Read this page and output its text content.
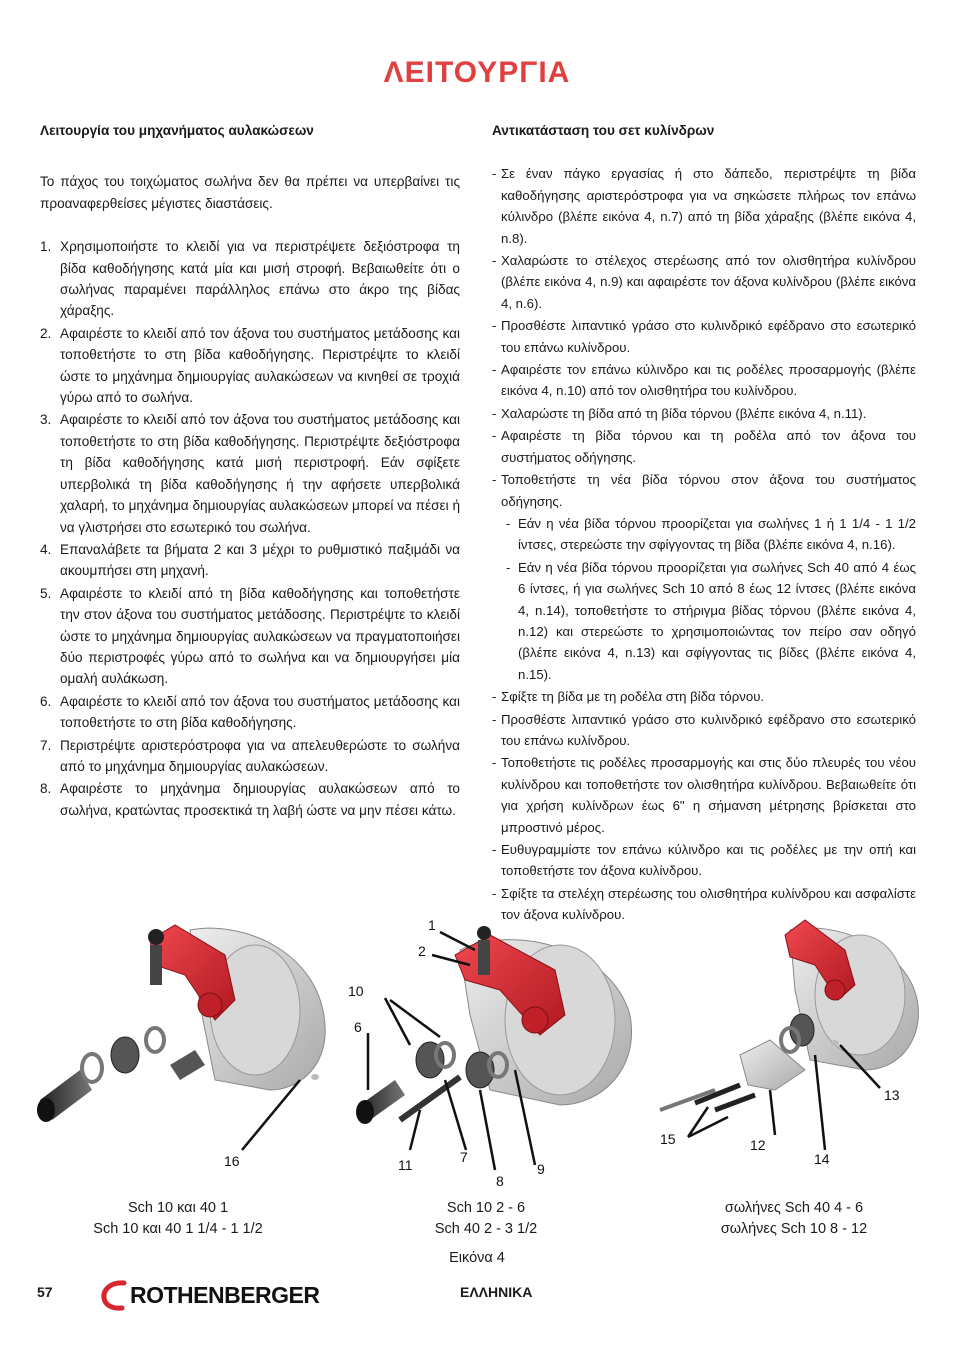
ΛΕΙΤΟΥΡΓΙΑ
Λειτουργία του μηχανήματος αυλακώσεων

Το πάχος του τοιχώματος σωλήνα δεν θα πρέπει να υπερβαίνει τις προαναφερθείσες μέγιστες διαστάσεις.

1. Χρησιμοποιήστε το κλειδί για να περιστρέψετε δεξιόστροφα τη βίδα καθοδήγησης κατά μία και μισή στροφή. Βεβαιωθείτε ότι ο σωλήνας παραμένει παράλληλος επάνω στο άκρο της βίδας χάραξης.
2. Αφαιρέστε το κλειδί από τον άξονα του συστήματος μετάδοσης και τοποθετήστε το στη βίδα καθοδήγησης. Περιστρέψτε το κλειδί ώστε το μηχάνημα δημιουργίας αυλακώσεων να κινηθεί σε τροχιά γύρω από το σωλήνα.
3. Αφαιρέστε το κλειδί από τον άξονα του συστήματος μετάδοσης και τοποθετήστε το στη βίδα καθοδήγησης. Περιστρέψτε δεξιόστροφα τη βίδα καθοδήγησης κατά μισή περιστροφή. Εάν σφίξετε υπερβολικά τη βίδα καθοδήγησης ή την αφήσετε υπερβολικά χαλαρή, το μηχάνημα δημιουργίας αυλακώσεων μπορεί να πέσει ή να γλιστρήσει στο εσωτερικό του σωλήνα.
4. Επαναλάβετε τα βήματα 2 και 3 μέχρι το ρυθμιστικό παξιμάδι να ακουμπήσει στη μηχανή.
5. Αφαιρέστε το κλειδί από τη βίδα καθοδήγησης και τοποθετήστε την στον άξονα του συστήματος μετάδοσης. Περιστρέψτε το κλειδί ώστε το μηχάνημα δημιουργίας αυλακώσεων να πραγματοποιήσει δύο περιστροφές γύρω από το σωλήνα και να δημιουργήσει μία ομαλή αυλάκωση.
6. Αφαιρέστε το κλειδί από τον άξονα του συστήματος μετάδοσης και τοποθετήστε το στη βίδα καθοδήγησης.
7. Περιστρέψτε αριστερόστροφα για να απελευθερώστε το σωλήνα από το μηχάνημα δημιουργίας αυλακώσεων.
8. Αφαιρέστε το μηχάνημα δημιουργίας αυλακώσεων από το σωλήνα, κρατώντας προσεκτικά τη λαβή ώστε να μην πέσει κάτω.
Αντικατάσταση του σετ κυλίνδρων
- Σε έναν πάγκο εργασίας ή στο δάπεδο, περιστρέψτε τη βίδα καθοδήγησης αριστερόστροφα για να σηκώσετε πλήρως τον επάνω κύλινδρο (βλέπε εικόνα 4, n.7) από τη βίδα χάραξης (βλέπε εικόνα 4, n.8).
- Χαλαρώστε το στέλεχος στερέωσης από τον ολισθητήρα κυλίνδρου (βλέπε εικόνα 4, n.9) και αφαιρέστε τον άξονα κυλίνδρου (βλέπε εικόνα 4, n.6).
- Προσθέστε λιπαντικό γράσο στο κυλινδρικό εφέδρανο στο εσωτερικό του επάνω κυλίνδρου.
- Αφαιρέστε τον επάνω κύλινδρο και τις ροδέλες προσαρμογής (βλέπε εικόνα 4, n.10) από τον ολισθητήρα του κυλίνδρου.
- Χαλαρώστε τη βίδα από τη βίδα τόρνου (βλέπε εικόνα 4, n.11).
- Αφαιρέστε τη βίδα τόρνου και τη ροδέλα από τον άξονα του συστήματος οδήγησης.
- Τοποθετήστε τη νέα βίδα τόρνου στον άξονα του συστήματος οδήγησης.
- Εάν η νέα βίδα τόρνου προορίζεται για σωλήνες 1 ή 1 1/4 - 1 1/2 ίντσες, στερεώστε την σφίγγοντας τη βίδα (βλέπε εικόνα 4, n.16).
- Εάν η νέα βίδα τόρνου προορίζεται για σωλήνες Sch 40 από 4 έως 6 ίντσες, ή για σωλήνες Sch 10 από 8 έως 12 ίντσες (βλέπε εικόνα 4, n.14), τοποθετήστε το στήριγμα βίδας τόρνου (βλέπε εικόνα 4, n.12) και στερεώστε το χρησιμοποιώντας τον πείρο σαν οδηγό (βλέπε εικόνα 4, n.13) και σφίγγοντας τις βίδες (βλέπε εικόνα 4, n.15).
- Σφίξτε τη βίδα με τη ροδέλα στη βίδα τόρνου.
- Προσθέστε λιπαντικό γράσο στο κυλινδρικό εφέδρανο στο εσωτερικό του επάνω κυλίνδρου.
- Τοποθετήστε τις ροδέλες προσαρμογής και στις δύο πλευρές του νέου κυλίνδρου και τοποθετήστε τον ολισθητήρα κυλίνδρου. Βεβαιωθείτε ότι για χρήση κυλίνδρων έως 6" η σήμανση μέτρησης βρίσκεται στο μπροστινό μέρος.
- Ευθυγραμμίστε τον επάνω κύλινδρο και τις ροδέλες με την οπή και τοποθετήστε τον άξονα κυλίνδρου.
- Σφίξτε τα στελέχη στερέωσης του ολισθητήρα κυλίνδρου και ασφαλίστε τον άξονα κυλίνδρου.
1
2
10
6
16	11	7
8
9
13
15	12
14
Sch 10 και 40 1
Sch 10 και 40 1 1/4 - 1 1/2
Sch 10 2 - 6
Sch 40 2 - 3 1/2
σωλήνες Sch 40 4 - 6
σωλήνες Sch 10 8 - 12
Εικόνα 4
57	ROTHENBERGER	ΕΛΛΗΝΙΚΑ
